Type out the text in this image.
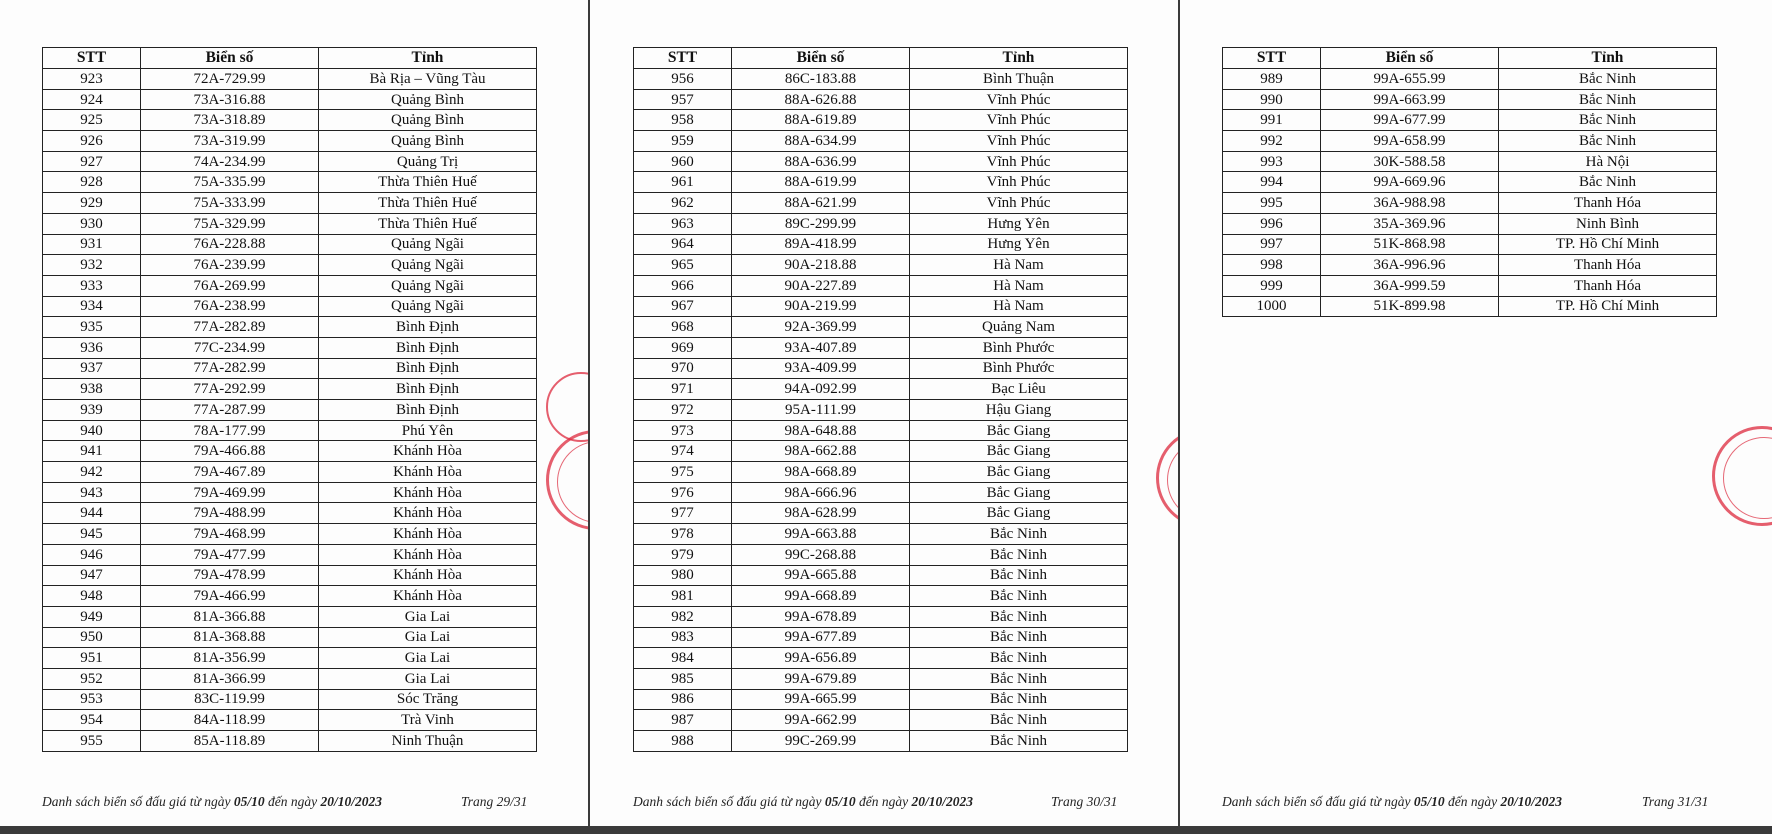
STT	Biển số	Tỉnh
923	72A-729.99	Bà Rịa – Vũng Tàu
924	73A-316.88	Quảng Bình
925	73A-318.89	Quảng Bình
926	73A-319.99	Quảng Bình
927	74A-234.99	Quảng Trị
928	75A-335.99	Thừa Thiên Huế
929	75A-333.99	Thừa Thiên Huế
930	75A-329.99	Thừa Thiên Huế
931	76A-228.88	Quảng Ngãi
932	76A-239.99	Quảng Ngãi
933	76A-269.99	Quảng Ngãi
934	76A-238.99	Quảng Ngãi
935	77A-282.89	Bình Định
936	77C-234.99	Bình Định
937	77A-282.99	Bình Định
938	77A-292.99	Bình Định
939	77A-287.99	Bình Định
940	78A-177.99	Phú Yên
941	79A-466.88	Khánh Hòa
942	79A-467.89	Khánh Hòa
943	79A-469.99	Khánh Hòa
944	79A-488.99	Khánh Hòa
945	79A-468.99	Khánh Hòa
946	79A-477.99	Khánh Hòa
947	79A-478.99	Khánh Hòa
948	79A-466.99	Khánh Hòa
949	81A-366.88	Gia Lai
950	81A-368.88	Gia Lai
951	81A-356.99	Gia Lai
952	81A-366.99	Gia Lai
953	83C-119.99	Sóc Trăng
954	84A-118.99	Trà Vinh
955	85A-118.89	Ninh Thuận
Danh sách biển số đấu giá từ ngày 05/10 đến ngày 20/10/2023	Trang 29/31
STT	Biển số	Tỉnh
956	86C-183.88	Bình Thuận
957	88A-626.88	Vĩnh Phúc
958	88A-619.89	Vĩnh Phúc
959	88A-634.99	Vĩnh Phúc
960	88A-636.99	Vĩnh Phúc
961	88A-619.99	Vĩnh Phúc
962	88A-621.99	Vĩnh Phúc
963	89C-299.99	Hưng Yên
964	89A-418.99	Hưng Yên
965	90A-218.88	Hà Nam
966	90A-227.89	Hà Nam
967	90A-219.99	Hà Nam
968	92A-369.99	Quảng Nam
969	93A-407.89	Bình Phước
970	93A-409.99	Bình Phước
971	94A-092.99	Bạc Liêu
972	95A-111.99	Hậu Giang
973	98A-648.88	Bắc Giang
974	98A-662.88	Bắc Giang
975	98A-668.89	Bắc Giang
976	98A-666.96	Bắc Giang
977	98A-628.99	Bắc Giang
978	99A-663.88	Bắc Ninh
979	99C-268.88	Bắc Ninh
980	99A-665.88	Bắc Ninh
981	99A-668.89	Bắc Ninh
982	99A-678.89	Bắc Ninh
983	99A-677.89	Bắc Ninh
984	99A-656.89	Bắc Ninh
985	99A-679.89	Bắc Ninh
986	99A-665.99	Bắc Ninh
987	99A-662.99	Bắc Ninh
988	99C-269.99	Bắc Ninh
Danh sách biển số đấu giá từ ngày 05/10 đến ngày 20/10/2023	Trang 30/31
STT	Biển số	Tỉnh
989	99A-655.99	Bắc Ninh
990	99A-663.99	Bắc Ninh
991	99A-677.99	Bắc Ninh
992	99A-658.99	Bắc Ninh
993	30K-588.58	Hà Nội
994	99A-669.96	Bắc Ninh
995	36A-988.98	Thanh Hóa
996	35A-369.96	Ninh Bình
997	51K-868.98	TP. Hồ Chí Minh
998	36A-996.96	Thanh Hóa
999	36A-999.59	Thanh Hóa
1000	51K-899.98	TP. Hồ Chí Minh
Danh sách biển số đấu giá từ ngày 05/10 đến ngày 20/10/2023	Trang 31/31
